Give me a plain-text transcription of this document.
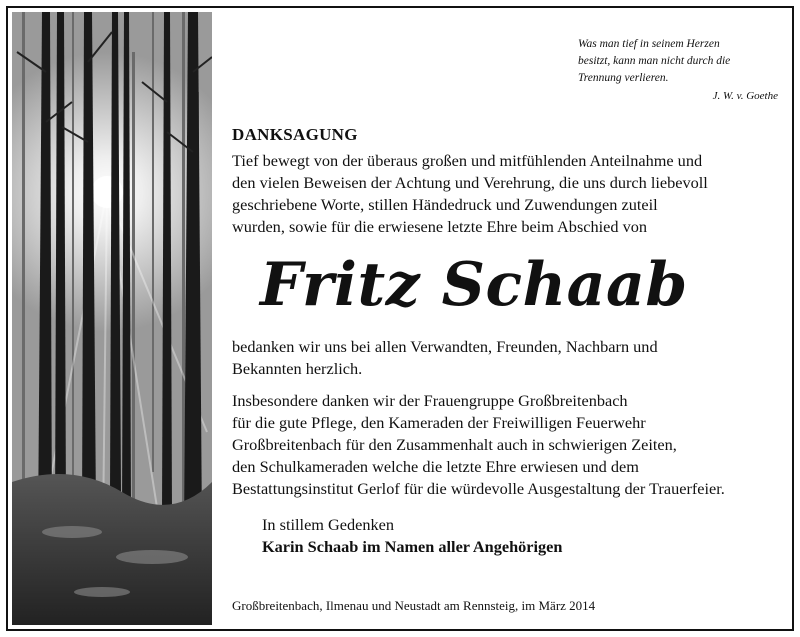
Was man tief in seinem Herzen
besitzt, kann man nicht durch die
Trennung verlieren.
J. W. v. Goethe
DANKSAGUNG
Tief bewegt von der überaus großen und mitfühlenden Anteilnahme und
den vielen Beweisen der Achtung und Verehrung, die uns durch liebevoll
geschriebene Worte, stillen Händedruck und Zuwendungen zuteil
wurden, sowie für die erwiesene letzte Ehre beim Abschied von
Fritz Schaab
bedanken wir uns bei allen Verwandten, Freunden, Nachbarn und
Bekannten herzlich.
Insbesondere danken wir der Frauengruppe Großbreitenbach
für die gute Pflege, den Kameraden der Freiwilligen Feuerwehr
Großbreitenbach für den Zusammenhalt auch in schwierigen Zeiten,
den Schulkameraden welche die letzte Ehre erwiesen und dem
Bestattungsinstitut Gerlof für die würdevolle Ausgestaltung der Trauerfeier.
In stillem Gedenken
Karin Schaab im Namen aller Angehörigen
Großbreitenbach, Ilmenau und Neustadt am Rennsteig, im März 2014
